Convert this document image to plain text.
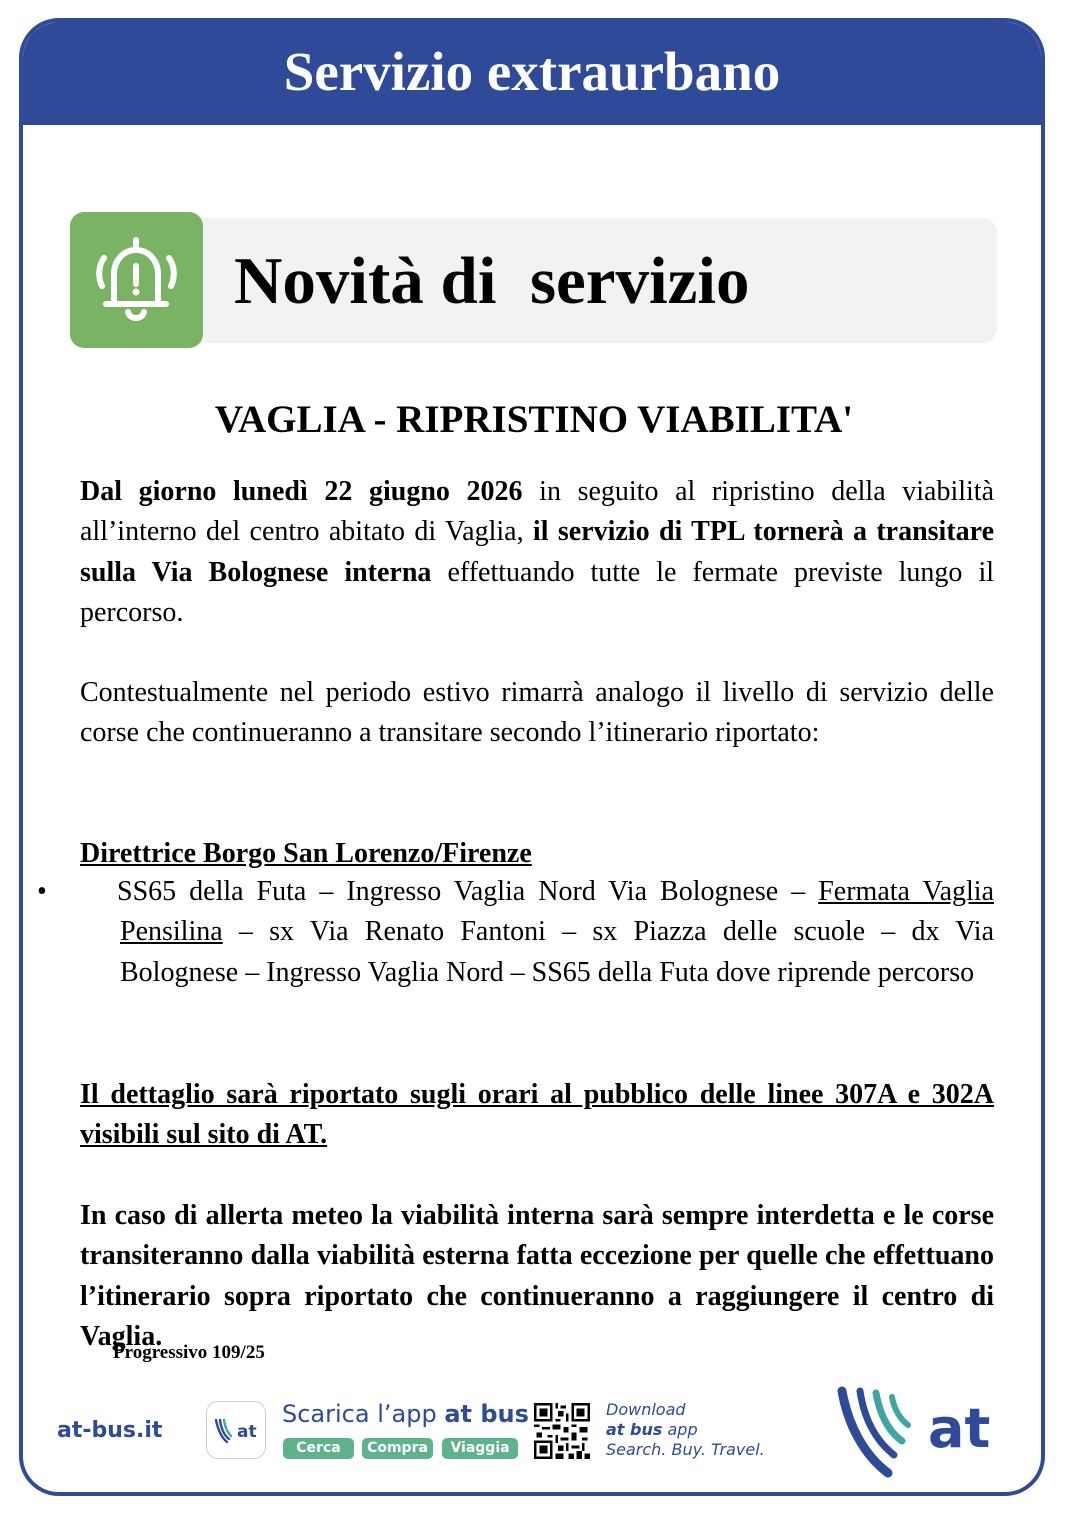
Servizio extraurbano
Novità di  servizio
VAGLIA - RIPRISTINO VIABILITA'
Dal giorno lunedì 22 giugno 2026 in seguito al ripristino della viabilità all’interno del centro abitato di Vaglia, il servizio di TPL tornerà a transitare sulla Via Bolognese interna effettuando tutte le fermate previste lungo il percorso.
Contestualmente nel periodo estivo rimarrà analogo il livello di servizio delle corse che continueranno a transitare secondo l’itinerario riportato:
Direttrice Borgo San Lorenzo/Firenze
•	SS65 della Futa – Ingresso Vaglia Nord Via Bolognese – Fermata Vaglia Pensilina – sx Via Renato Fantoni – sx Piazza delle scuole – dx Via Bolognese – Ingresso Vaglia Nord – SS65 della Futa dove riprende percorso
Il dettaglio sarà riportato sugli orari al pubblico delle linee 307A e 302A visibili sul sito di AT.
In caso di allerta meteo la viabilità interna sarà sempre interdetta e le corse transiteranno dalla viabilità esterna fatta eccezione per quelle che effettuano l’itinerario sopra riportato che continueranno a raggiungere il centro di Vaglia.
Progressivo 109/25
at-bus.it	at
Scarica l’app at bus
Cerca	Compra	Viaggia
Download
at bus app
Search. Buy. Travel.	at
